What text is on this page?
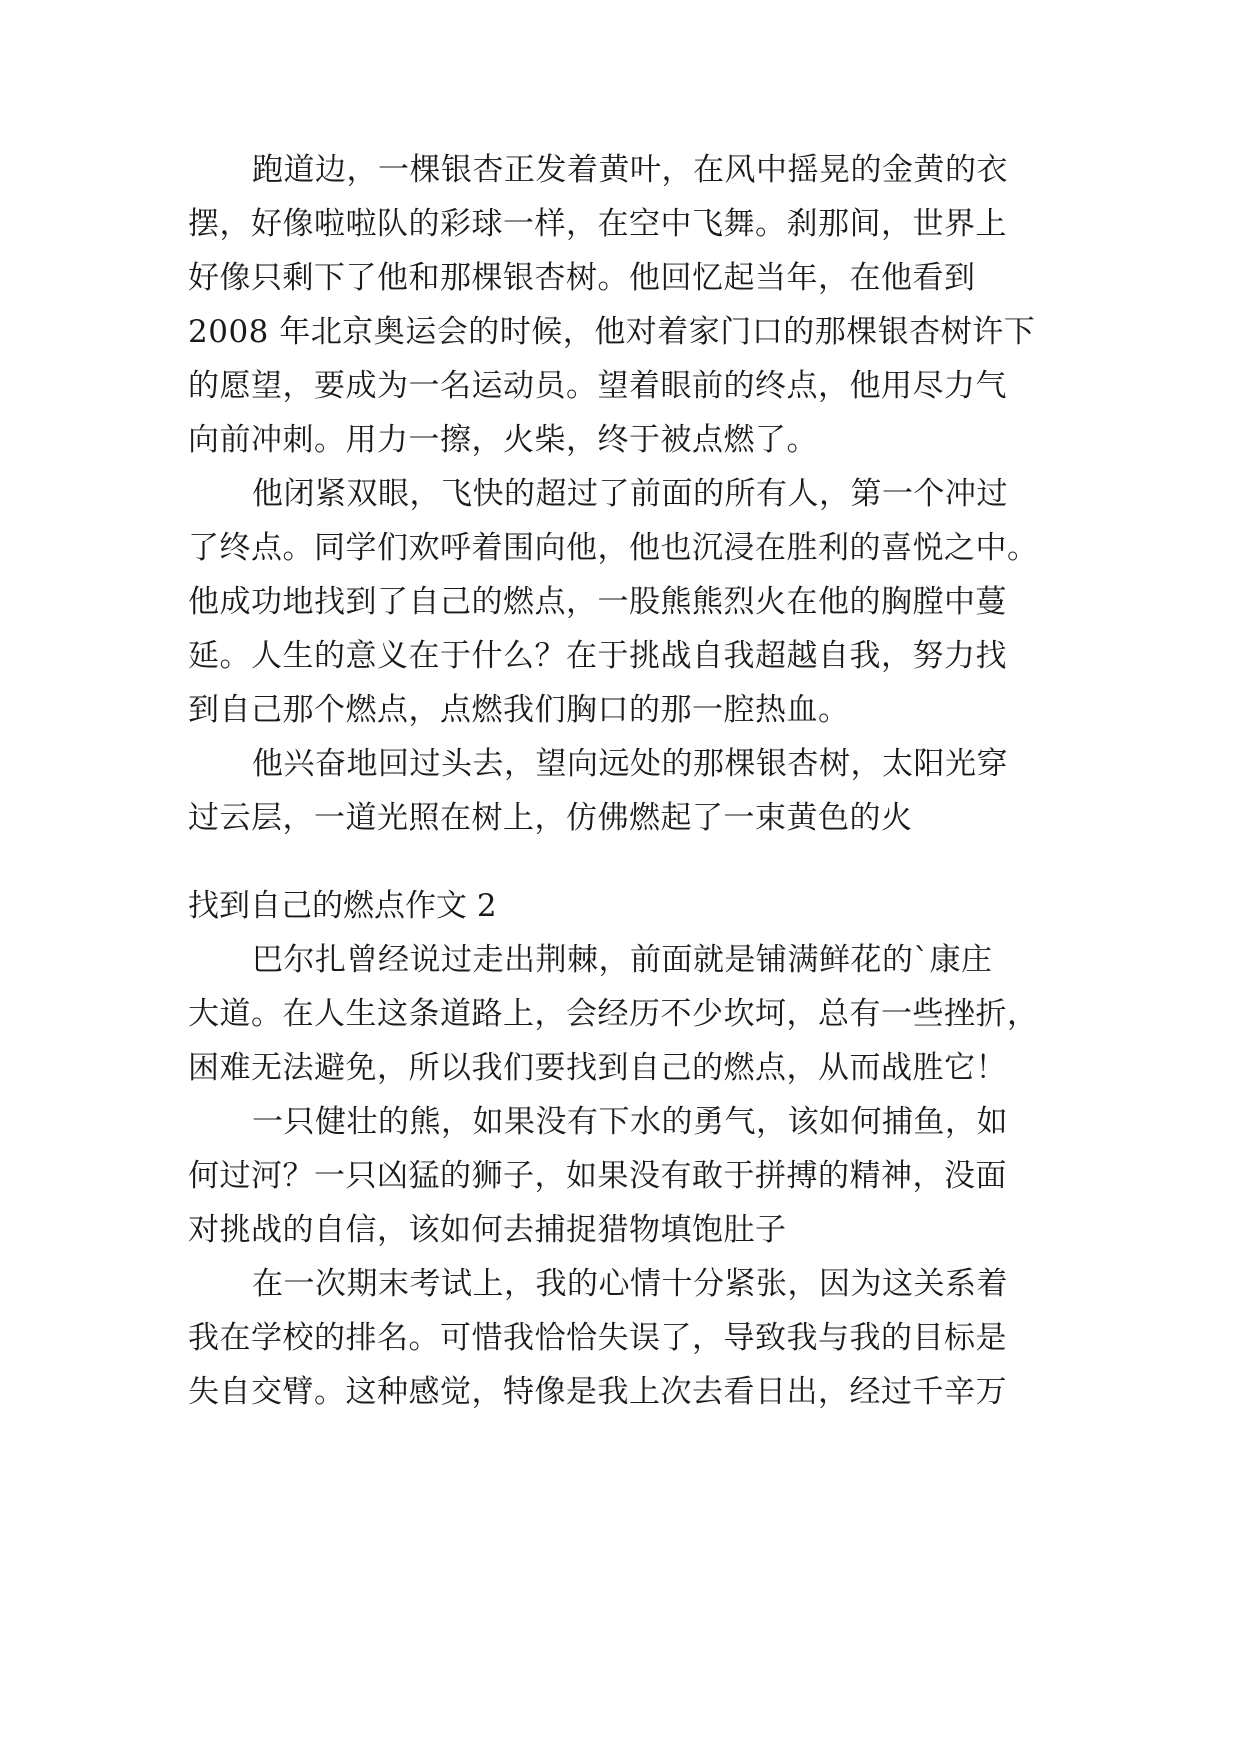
跑道边，一棵银杏正发着黄叶，在风中摇晃的金黄的衣
摆，好像啦啦队的彩球一样，在空中飞舞。刹那间，世界上
好像只剩下了他和那棵银杏树。他回忆起当年，在他看到
2008 年北京奥运会的时候，他对着家门口的那棵银杏树许下
的愿望，要成为一名运动员。望着眼前的终点，他用尽力气
向前冲刺。用力一擦，火柴，终于被点燃了。
他闭紧双眼，飞快的超过了前面的所有人，第一个冲过
了终点。同学们欢呼着围向他，他也沉浸在胜利的喜悦之中。
他成功地找到了自己的燃点，一股熊熊烈火在他的胸膛中蔓
延。人生的意义在于什么？在于挑战自我超越自我，努力找
到自己那个燃点，点燃我们胸口的那一腔热血。
他兴奋地回过头去，望向远处的那棵银杏树，太阳光穿
过云层，一道光照在树上，仿佛燃起了一束黄色的火
找到自己的燃点作文 2
巴尔扎曾经说过走出荆棘，前面就是铺满鲜花的`康庄
大道。在人生这条道路上，会经历不少坎坷，总有一些挫折，
困难无法避免，所以我们要找到自己的燃点，从而战胜它！
一只健壮的熊，如果没有下水的勇气，该如何捕鱼，如
何过河？一只凶猛的狮子，如果没有敢于拼搏的精神，没面
对挑战的自信，该如何去捕捉猎物填饱肚子
在一次期末考试上，我的心情十分紧张，因为这关系着
我在学校的排名。可惜我恰恰失误了，导致我与我的目标是
失自交臂。这种感觉，特像是我上次去看日出，经过千辛万
